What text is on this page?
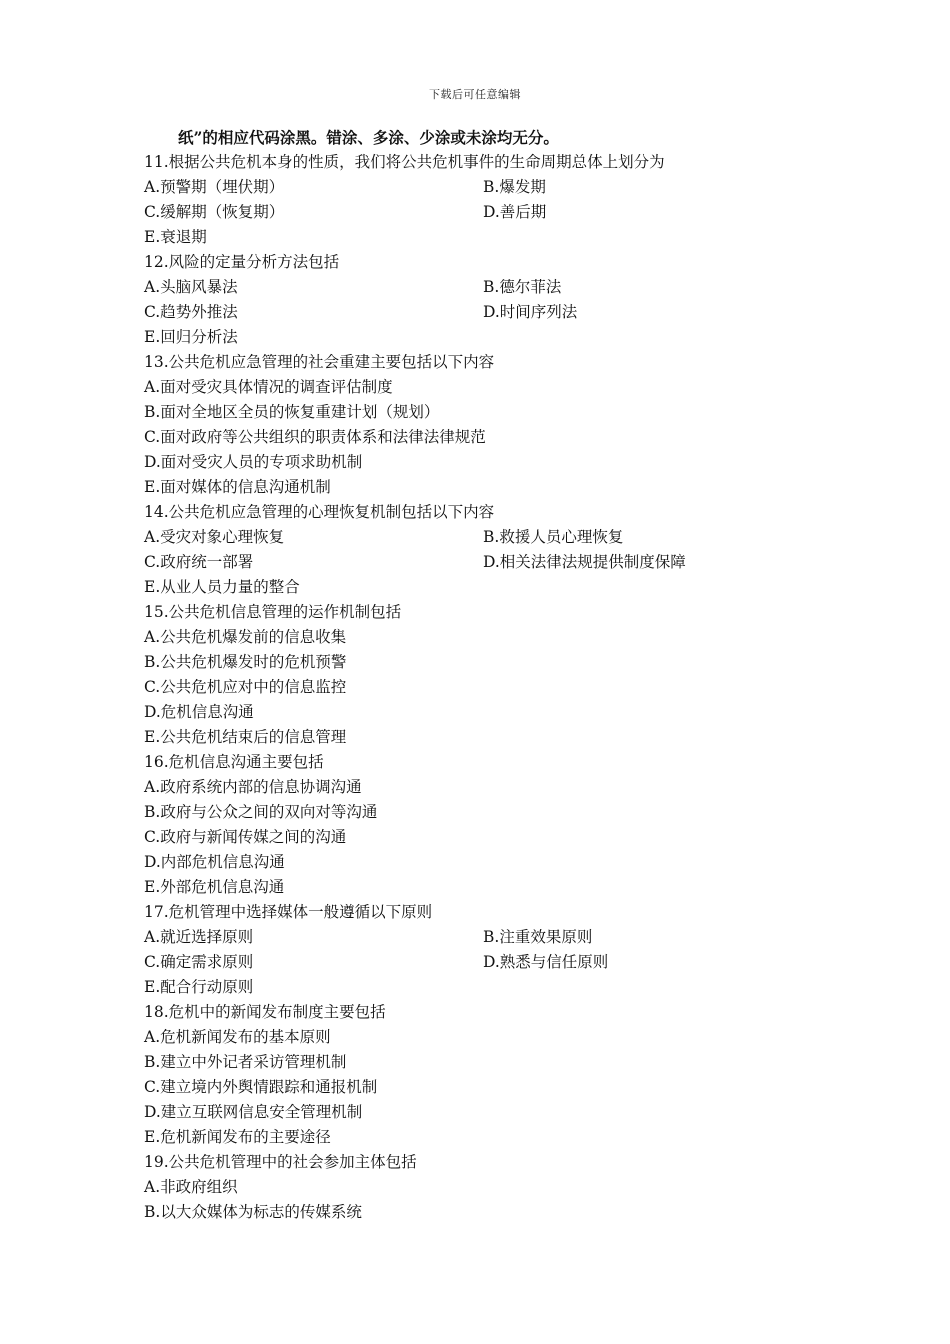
下载后可任意编辑
纸”的相应代码涂黑。错涂、多涂、少涂或未涂均无分。
11.根据公共危机本身的性质，我们将公共危机事件的生命周期总体上划分为
A.预警期（埋伏期）	B.爆发期
C.缓解期（恢复期）	D.善后期
E.衰退期
12.风险的定量分析方法包括
A.头脑风暴法	B.德尔菲法
C.趋势外推法	D.时间序列法
E.回归分析法
13.公共危机应急管理的社会重建主要包括以下内容
A.面对受灾具体情况的调查评估制度
B.面对全地区全员的恢复重建计划（规划）
C.面对政府等公共组织的职责体系和法律法律规范
D.面对受灾人员的专项求助机制
E.面对媒体的信息沟通机制
14.公共危机应急管理的心理恢复机制包括以下内容
A.受灾对象心理恢复	B.救援人员心理恢复
C.政府统一部署	D.相关法律法规提供制度保障
E.从业人员力量的整合
15.公共危机信息管理的运作机制包括
A.公共危机爆发前的信息收集
B.公共危机爆发时的危机预警
C.公共危机应对中的信息监控
D.危机信息沟通
E.公共危机结束后的信息管理
16.危机信息沟通主要包括
A.政府系统内部的信息协调沟通
B.政府与公众之间的双向对等沟通
C.政府与新闻传媒之间的沟通
D.内部危机信息沟通
E.外部危机信息沟通
17.危机管理中选择媒体一般遵循以下原则
A.就近选择原则	B.注重效果原则
C.确定需求原则	D.熟悉与信任原则
E.配合行动原则
18.危机中的新闻发布制度主要包括
A.危机新闻发布的基本原则
B.建立中外记者采访管理机制
C.建立境内外舆情跟踪和通报机制
D.建立互联网信息安全管理机制
E.危机新闻发布的主要途径
19.公共危机管理中的社会参加主体包括
A.非政府组织
B.以大众媒体为标志的传媒系统
